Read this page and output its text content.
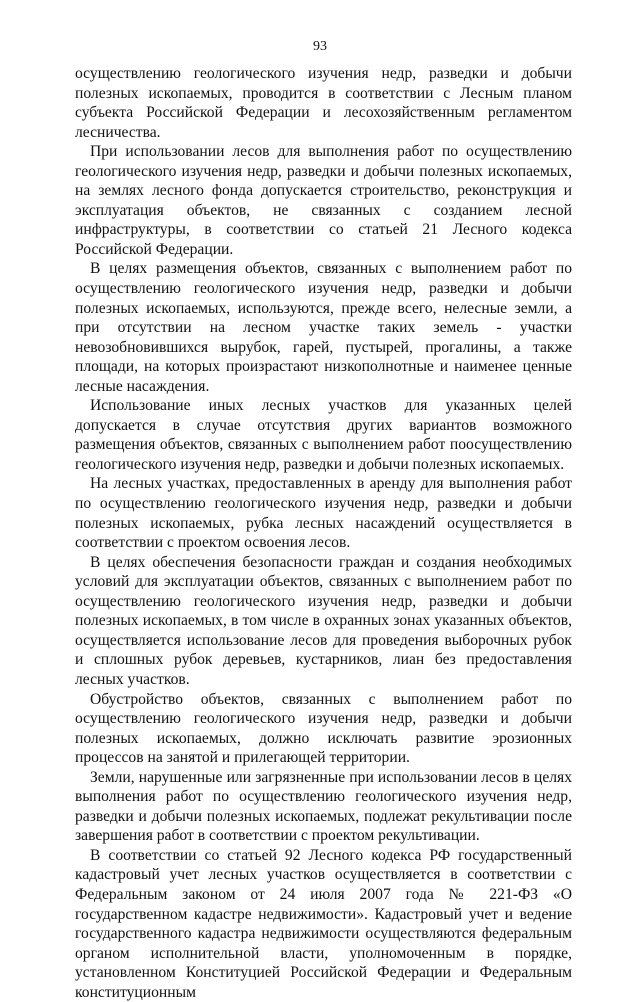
93

осуществлению геологического изучения недр, разведки и добычи полезных ископаемых, проводится в соответствии с Лесным планом субъекта Российской Федерации и лесохозяйственным регламентом лесничества.

При использовании лесов для выполнения работ по осуществлению геологического изучения недр, разведки и добычи полезных ископаемых, на землях лесного фонда допускается строительство, реконструкция и эксплуатация объектов, не связанных с созданием лесной инфраструктуры, в соответствии со статьей 21 Лесного кодекса Российской Федерации.

В целях размещения объектов, связанных с выполнением работ по осуществлению геологического изучения недр, разведки и добычи полезных ископаемых, используются, прежде всего, нелесные земли, а при отсутствии на лесном участке таких земель - участки невозобновившихся вырубок, гарей, пустырей, прогалины, а также площади, на которых произрастают низкополнотные и наименее ценные лесные насаждения.

Использование иных лесных участков для указанных целей допускается в случае отсутствия других вариантов возможного размещения объектов, связанных с выполнением работ поосуществлению геологического изучения недр, разведки и добычи полезных ископаемых.

На лесных участках, предоставленных в аренду для выполнения работ по осуществлению геологического изучения недр, разведки и добычи полезных ископаемых, рубка лесных насаждений осуществляется в соответствии с проектом освоения лесов.

В целях обеспечения безопасности граждан и создания необходимых условий для эксплуатации объектов, связанных с выполнением работ по осуществлению геологического изучения недр, разведки и добычи полезных ископаемых, в том числе в охранных зонах указанных объектов, осуществляется использование лесов для проведения выборочных рубок и сплошных рубок деревьев, кустарников, лиан без предоставления лесных участков.

Обустройство объектов, связанных с выполнением работ по осуществлению геологического изучения недр, разведки и добычи полезных ископаемых, должно исключать развитие эрозионных процессов на занятой и прилегающей территории.

Земли, нарушенные или загрязненные при использовании лесов в целях выполнения работ по осуществлению геологического изучения недр, разведки и добычи полезных ископаемых, подлежат рекультивации после завершения работ в соответствии с проектом рекультивации.

В соответствии со статьей 92 Лесного кодекса РФ государственный кадастровый учет лесных участков осуществляется в соответствии с Федеральным законом от 24 июля 2007 года № 221-ФЗ «О государственном кадастре недвижимости». Кадастровый учет и ведение государственного кадастра недвижимости осуществляются федеральным органом исполнительной власти, уполномоченным в порядке, установленном Конституцией Российской Федерации и Федеральным конституционным
